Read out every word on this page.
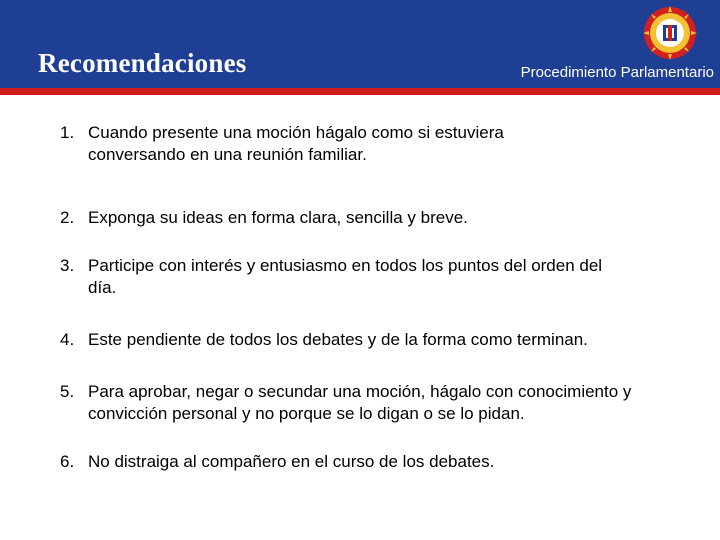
Recomendaciones	Procedimiento Parlamentario
1. Cuando presente una moción hágalo como si estuviera conversando en una reunión familiar.
2. Exponga su ideas en forma clara, sencilla y breve.
3. Participe con interés y entusiasmo en todos los puntos del orden del día.
4. Este pendiente de todos los debates y de la forma como terminan.
5. Para aprobar, negar o secundar una moción, hágalo con conocimiento y convicción personal y no porque se lo digan o se lo pidan.
6. No distraiga al compañero en el curso de los debates.
